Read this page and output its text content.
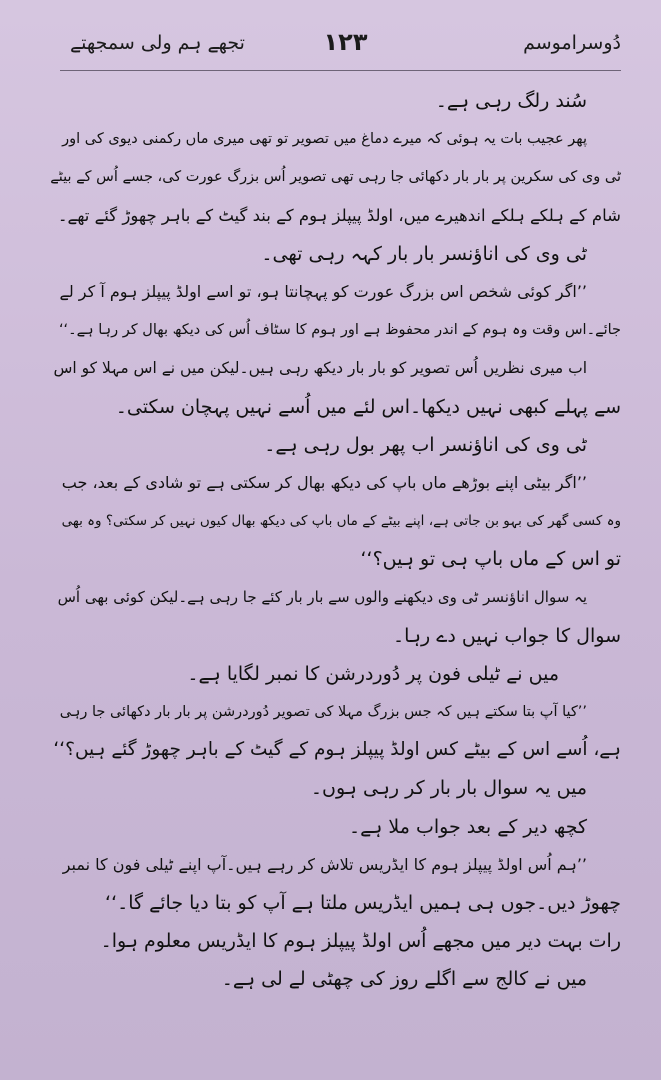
تجھے ہم ولی سمجھتے	۱۲۳	دُوسراموسم
سُند رلگ رہی ہے۔
پھر عجیب بات یہ ہوئی کہ میرے دماغ میں تصویر تو تھی میری ماں رکمنی دیوی کی اور
ٹی وی کی سکرین پر بار بار دکھائی جا رہی تھی تصویر اُس بزرگ عورت کی، جسے اُس کے بیٹے
شام کے ہلکے ہلکے اندھیرے میں، اولڈ پیپلز ہوم کے بند گیٹ کے باہر چھوڑ گئے تھے۔
ٹی وی کی اناؤنسر بار بار کہہ رہی تھی۔
’’اگر کوئی شخص اس بزرگ عورت کو پہچانتا ہو، تو اسے اولڈ پیپلز ہوم آ کر لے
جائے۔اس وقت وہ ہوم کے اندر محفوظ ہے اور ہوم کا سٹاف اُس کی دیکھ بھال کر رہا ہے۔‘‘
اب میری نظریں اُس تصویر کو بار بار دیکھ رہی ہیں۔لیکن میں نے اس مہلا کو اس
سے پہلے کبھی نہیں دیکھا۔اس لئے میں اُسے نہیں پہچان سکتی۔
ٹی وی کی اناؤنسر اب پھر بول رہی ہے۔
’’اگر بیٹی اپنے بوڑھے ماں باپ کی دیکھ بھال کر سکتی ہے تو شادی کے بعد، جب
وہ کسی گھر کی بہو بن جاتی ہے، اپنے بیٹے کے ماں باپ کی دیکھ بھال کیوں نہیں کر سکتی؟ وہ بھی
تو اس کے ماں باپ ہی تو ہیں؟‘‘
یہ سوال اناؤنسر ٹی وی دیکھنے والوں سے بار بار کئے جا رہی ہے۔لیکن کوئی بھی اُس
سوال کا جواب نہیں دے رہا۔
میں نے ٹیلی فون پر دُوردرشن کا نمبر لگایا ہے۔
’’کیا آپ بتا سکتے ہیں کہ جس بزرگ مہلا کی تصویر دُوردرشن پر بار بار دکھائی جا رہی
ہے، اُسے اس کے بیٹے کس اولڈ پیپلز ہوم کے گیٹ کے باہر چھوڑ گئے ہیں؟‘‘
میں یہ سوال بار بار کر رہی ہوں۔
کچھ دیر کے بعد جواب ملا ہے۔
’’ہم اُس اولڈ پیپلز ہوم کا ایڈریس تلاش کر رہے ہیں۔آپ اپنے ٹیلی فون کا نمبر
چھوڑ دیں۔جوں ہی ہمیں ایڈریس ملتا ہے آپ کو بتا دیا جائے گا۔‘‘
رات بہت دیر میں مجھے اُس اولڈ پیپلز ہوم کا ایڈریس معلوم ہوا۔
میں نے کالج سے اگلے روز کی چھٹی لے لی ہے۔
